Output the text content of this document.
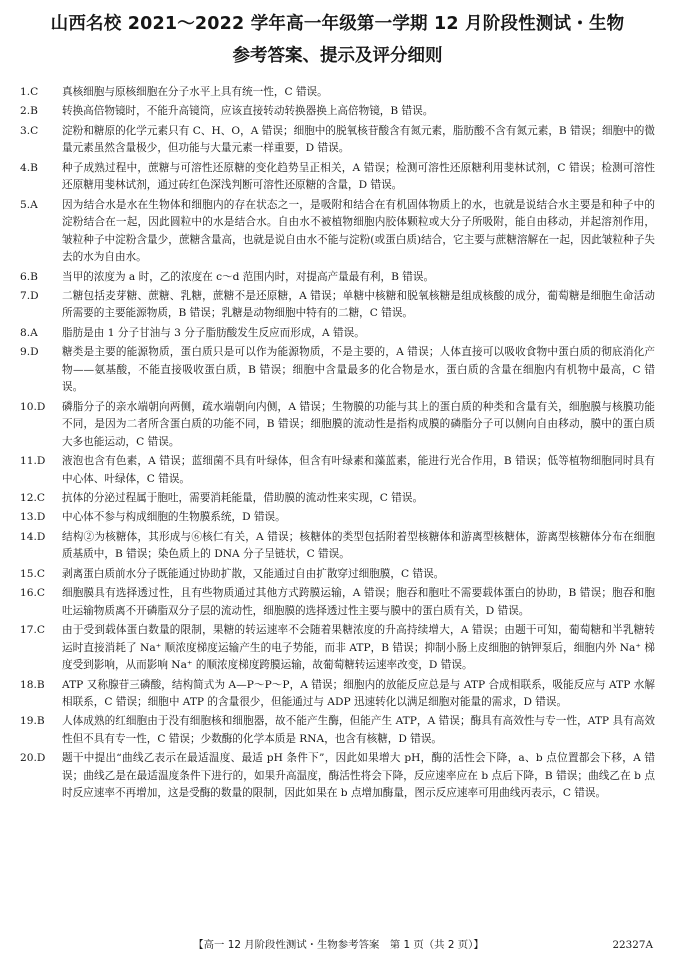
山西名校 2021～2022 学年高一年级第一学期 12 月阶段性测试・生物
参考答案、提示及评分细则
1.C 真核细胞与原核细胞在分子水平上具有统一性，C 错误。
2.B 转换高倍物镜时，不能升高镜筒，应该直接转动转换器换上高倍物镜，B 错误。
3.C 淀粉和糖原的化学元素只有 C、H、O，A 错误；细胞中的脱氧核苷酸含有氮元素，脂肪酸不含有氮元素，B 错误；细胞中的微量元素虽然含量极少，但功能与大量元素一样重要，D 错误。
4.B 种子成熟过程中，蔗糖与可溶性还原糖的变化趋势呈正相关，A 错误；检测可溶性还原糖利用斐林试剂，C 错误；检测可溶性还原糖用斐林试剂，通过砖红色深浅判断可溶性还原糖的含量，D 错误。
5.A 因为结合水是水在生物体和细胞内的存在状态之一，是吸附和结合在有机固体物质上的水，也就是说结合水主要是和种子中的淀粉结合在一起，因此圆粒中的水是结合水。自由水不被植物细胞内胶体颗粒或大分子所吸附，能自由移动，并起溶剂作用，皱粒种子中淀粉含量少，蔗糖含量高，也就是说自由水不能与淀粉(或蛋白质)结合，它主要与蔗糖溶解在一起，因此皱粒种子失去的水为自由水。
6.B 当甲的浓度为 a 时，乙的浓度在 c～d 范围内时，对提高产量最有利，B 错误。
7.D 二糖包括麦芽糖、蔗糖、乳糖，蔗糖不是还原糖，A 错误；单糖中核糖和脱氧核糖是组成核酸的成分，葡萄糖是细胞生命活动所需要的主要能源物质，B 错误；乳糖是动物细胞中特有的二糖，C 错误。
8.A 脂肪是由 1 分子甘油与 3 分子脂肪酸发生反应而形成，A 错误。
9.D 糖类是主要的能源物质，蛋白质只是可以作为能源物质，不是主要的，A 错误；人体直接可以吸收食物中蛋白质的彻底消化产物——氨基酸，不能直接吸收蛋白质，B 错误；细胞中含量最多的化合物是水，蛋白质的含量在细胞内有机物中最高，C 错误。
10.D 磷脂分子的亲水端朝向两侧，疏水端朝向内侧，A 错误；生物膜的功能与其上的蛋白质的种类和含量有关，细胞膜与核膜功能不同，是因为二者所含蛋白质的功能不同，B 错误；细胞膜的流动性是指构成膜的磷脂分子可以侧向自由移动，膜中的蛋白质大多也能运动，C 错误。
11.D 液泡也含有色素，A 错误；蓝细菌不具有叶绿体，但含有叶绿素和藻蓝素，能进行光合作用，B 错误；低等植物细胞同时具有中心体、叶绿体，C 错误。
12.C 抗体的分泌过程属于胞吐，需要消耗能量，借助膜的流动性来实现，C 错误。
13.D 中心体不参与构成细胞的生物膜系统，D 错误。
14.D 结构②为核糖体，其形成与⑥核仁有关，A 错误；核糖体的类型包括附着型核糖体和游离型核糖体，游离型核糖体分布在细胞质基质中，B 错误；染色质上的 DNA 分子呈链状，C 错误。
15.C 剥离蛋白质前水分子既能通过协助扩散，又能通过自由扩散穿过细胞膜，C 错误。
16.C 细胞膜具有选择透过性，且有些物质通过其他方式跨膜运输，A 错误；胞吞和胞吐不需要载体蛋白的协助，B 错误；胞吞和胞吐运输物质离不开磷脂双分子层的流动性，细胞膜的选择透过性主要与膜中的蛋白质有关，D 错误。
17.C 由于受到载体蛋白数量的限制，果糖的转运速率不会随着果糖浓度的升高持续增大，A 错误；由题干可知，葡萄糖和半乳糖转运时直接消耗了 Na⁺ 顺浓度梯度运输产生的电子势能，而非 ATP，B 错误；抑制小肠上皮细胞的钠钾泵后，细胞内外 Na⁺ 梯度受到影响，从而影响 Na⁺ 的顺浓度梯度跨膜运输，故葡萄糖转运速率改变，D 错误。
18.B ATP 又称腺苷三磷酸，结构简式为 A—P～P～P，A 错误；细胞内的放能反应总是与 ATP 合成相联系，吸能反应与 ATP 水解相联系，C 错误；细胞中 ATP 的含量很少，但能通过与 ADP 迅速转化以满足细胞对能量的需求，D 错误。
19.B 人体成熟的红细胞由于没有细胞核和细胞器，故不能产生酶，但能产生 ATP，A 错误；酶具有高效性与专一性，ATP 具有高效性但不具有专一性，C 错误；少数酶的化学本质是 RNA，也含有核糖，D 错误。
20.D 题干中提出“曲线乙表示在最适温度、最适 pH 条件下”，因此如果增大 pH，酶的活性会下降，a、b 点位置都会下移，A 错误；曲线乙是在最适温度条件下进行的，如果升高温度，酶活性将会下降，反应速率应在 b 点后下降，B 错误；曲线乙在 b 点时反应速率不再增加，这是受酶的数量的限制，因此如果在 b 点增加酶量，图示反应速率可用曲线丙表示，C 错误。
【高一 12 月阶段性测试・生物参考答案　第 1 页（共 2 页）】	22327A
